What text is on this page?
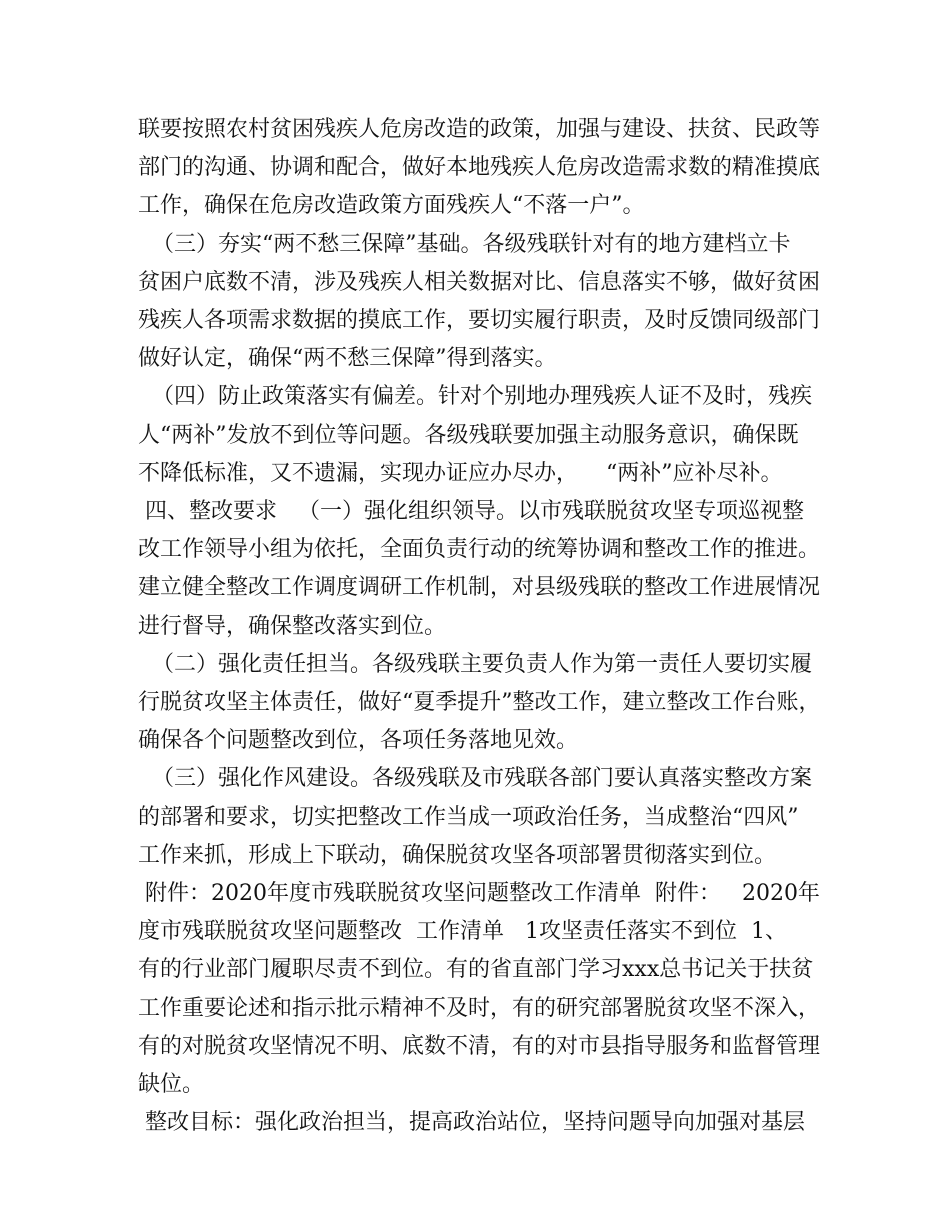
联要按照农村贫困残疾人危房改造的政策，加强与建设、扶贫、民政等
部门的沟通、协调和配合，做好本地残疾人危房改造需求数的精准摸底
工作，确保在危房改造政策方面残疾人“不落一户”。
（三）夯实“两不愁三保障”基础。各级残联针对有的地方建档立卡
贫困户底数不清，涉及残疾人相关数据对比、信息落实不够，做好贫困
残疾人各项需求数据的摸底工作，要切实履行职责，及时反馈同级部门
做好认定，确保“两不愁三保障”得到落实。
（四）防止政策落实有偏差。针对个别地办理残疾人证不及时，残疾
人“两补”发放不到位等问题。各级残联要加强主动服务意识，确保既
不降低标准，又不遗漏，实现办证应办尽办，    “两补”应补尽补。
四、整改要求   （一）强化组织领导。以市残联脱贫攻坚专项巡视整
改工作领导小组为依托，全面负责行动的统筹协调和整改工作的推进。
建立健全整改工作调度调研工作机制，对县级残联的整改工作进展情况
进行督导，确保整改落实到位。
（二）强化责任担当。各级残联主要负责人作为第一责任人要切实履
行脱贫攻坚主体责任，做好“夏季提升”整改工作，建立整改工作台账，
确保各个问题整改到位，各项任务落地见效。
（三）强化作风建设。各级残联及市残联各部门要认真落实整改方案
的部署和要求，切实把整改工作当成一项政治任务，当成整治“四风”
工作来抓，形成上下联动，确保脱贫攻坚各项部署贯彻落实到位。
附件：2020年度市残联脱贫攻坚问题整改工作清单  附件：   2020年
度市残联脱贫攻坚问题整改  工作清单   1攻坚责任落实不到位  1、
有的行业部门履职尽责不到位。有的省直部门学习xxx总书记关于扶贫
工作重要论述和指示批示精神不及时，有的研究部署脱贫攻坚不深入，
有的对脱贫攻坚情况不明、底数不清，有的对市县指导服务和监督管理
缺位。
整改目标：强化政治担当，提高政治站位，坚持问题导向加强对基层
